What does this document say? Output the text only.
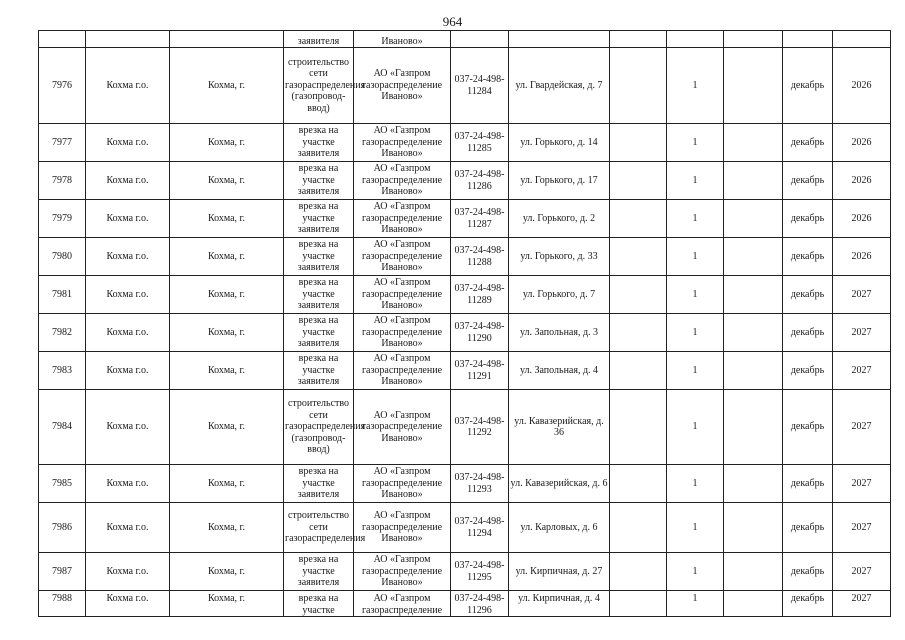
964
			заявителя	Иваново»							
7976	Кохма г.о.	Кохма, г.	строительство сети газораспределения (газопровод-ввод)	АО «Газпром газораспределение Иваново»	037-24-498-11284	ул. Гвардейская, д. 7		1		декабрь	2026
7977	Кохма г.о.	Кохма, г.	врезка на участке заявителя	АО «Газпром газораспределение Иваново»	037-24-498-11285	ул. Горького, д. 14		1		декабрь	2026
7978	Кохма г.о.	Кохма, г.	врезка на участке заявителя	АО «Газпром газораспределение Иваново»	037-24-498-11286	ул. Горького, д. 17		1		декабрь	2026
7979	Кохма г.о.	Кохма, г.	врезка на участке заявителя	АО «Газпром газораспределение Иваново»	037-24-498-11287	ул. Горького, д. 2		1		декабрь	2026
7980	Кохма г.о.	Кохма, г.	врезка на участке заявителя	АО «Газпром газораспределение Иваново»	037-24-498-11288	ул. Горького, д. 33		1		декабрь	2026
7981	Кохма г.о.	Кохма, г.	врезка на участке заявителя	АО «Газпром газораспределение Иваново»	037-24-498-11289	ул. Горького, д. 7		1		декабрь	2027
7982	Кохма г.о.	Кохма, г.	врезка на участке заявителя	АО «Газпром газораспределение Иваново»	037-24-498-11290	ул. Запольная, д. 3		1		декабрь	2027
7983	Кохма г.о.	Кохма, г.	врезка на участке заявителя	АО «Газпром газораспределение Иваново»	037-24-498-11291	ул. Запольная, д. 4		1		декабрь	2027
7984	Кохма г.о.	Кохма, г.	строительство сети газораспределения (газопровод-ввод)	АО «Газпром газораспределение Иваново»	037-24-498-11292	ул. Кавазерийская, д. 36		1		декабрь	2027
7985	Кохма г.о.	Кохма, г.	врезка на участке заявителя	АО «Газпром газораспределение Иваново»	037-24-498-11293	ул. Кавазерийская, д. 6		1		декабрь	2027
7986	Кохма г.о.	Кохма, г.	строительство сети газораспределения	АО «Газпром газораспределение Иваново»	037-24-498-11294	ул. Карловых, д. 6		1		декабрь	2027
7987	Кохма г.о.	Кохма, г.	врезка на участке заявителя	АО «Газпром газораспределение Иваново»	037-24-498-11295	ул. Кирпичная, д. 27		1		декабрь	2027
7988	Кохма г.о.	Кохма, г.	врезка на участке	АО «Газпром газораспределение	037-24-498-11296	ул. Кирпичная, д. 4		1		декабрь	2027
